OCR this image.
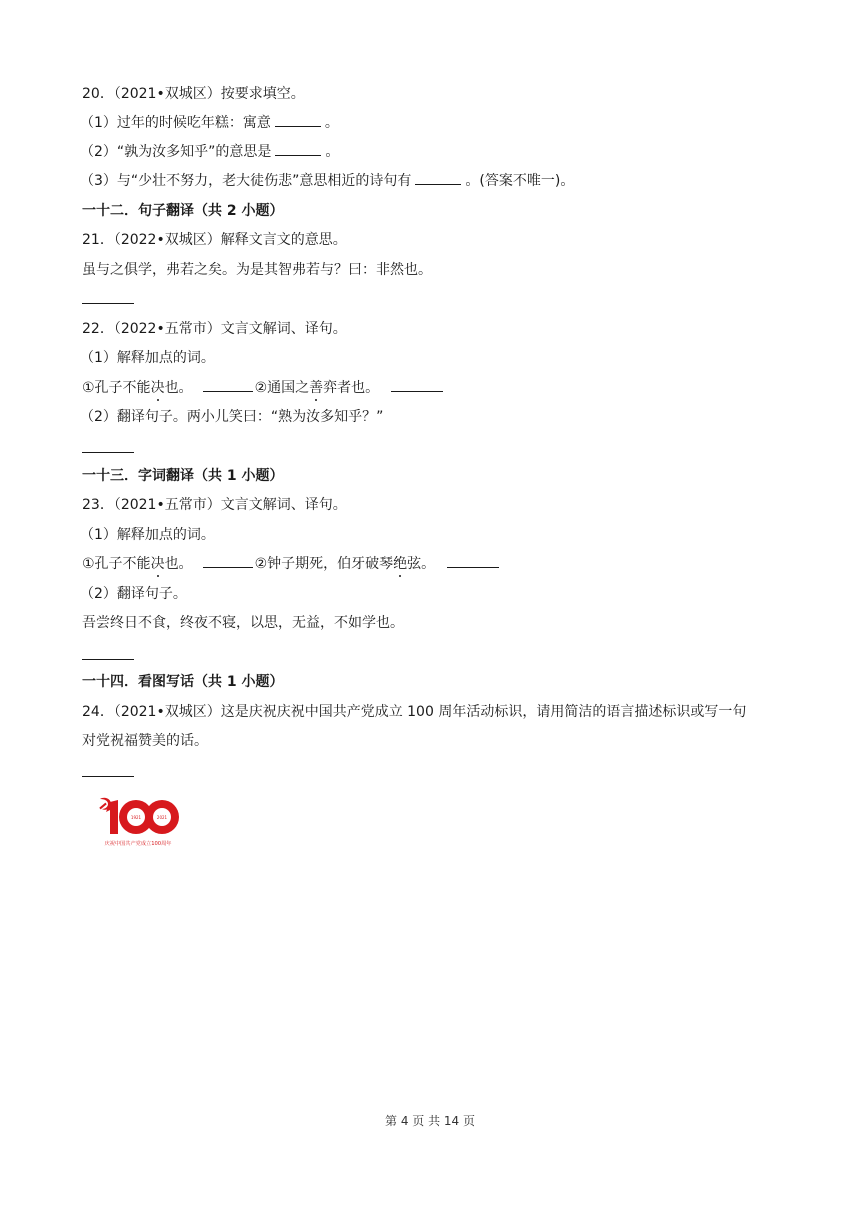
20．（2021•双城区）按要求填空。
（1）过年的时候吃年糕：寓意	。
（2）“孰为汝多知乎”的意思是	。
（3）与“少壮不努力，老大徒伤悲”意思相近的诗句有	。(答案不唯一)。
一十二．句子翻译（共 2 小题）
21．（2022•双城区）解释文言文的意思。
虽与之俱学，弗若之矣。为是其智弗若与？曰：非然也。
22．（2022•五常市）文言文解词、译句。
（1）解释加点的词。
①孔子不能决也。	②通国之善弈者也。
（2）翻译句子。两小儿笑曰：“熟为汝多知乎？”
一十三．字词翻译（共 1 小题）
23．（2021•五常市）文言文解词、译句。
（1）解释加点的词。
①孔子不能决也。	②钟子期死，伯牙破琴绝弦。
（2）翻译句子。
吾尝终日不食，终夜不寝，以思，无益，不如学也。
一十四．看图写话（共 1 小题）
24．（2021•双城区）这是庆祝庆祝中国共产党成立 100 周年活动标识，请用简洁的语言描述标识或写一句
对党祝福赞美的话。
1921	2021
庆祝中国共产党成立100周年
第 4 页 共 14 页
